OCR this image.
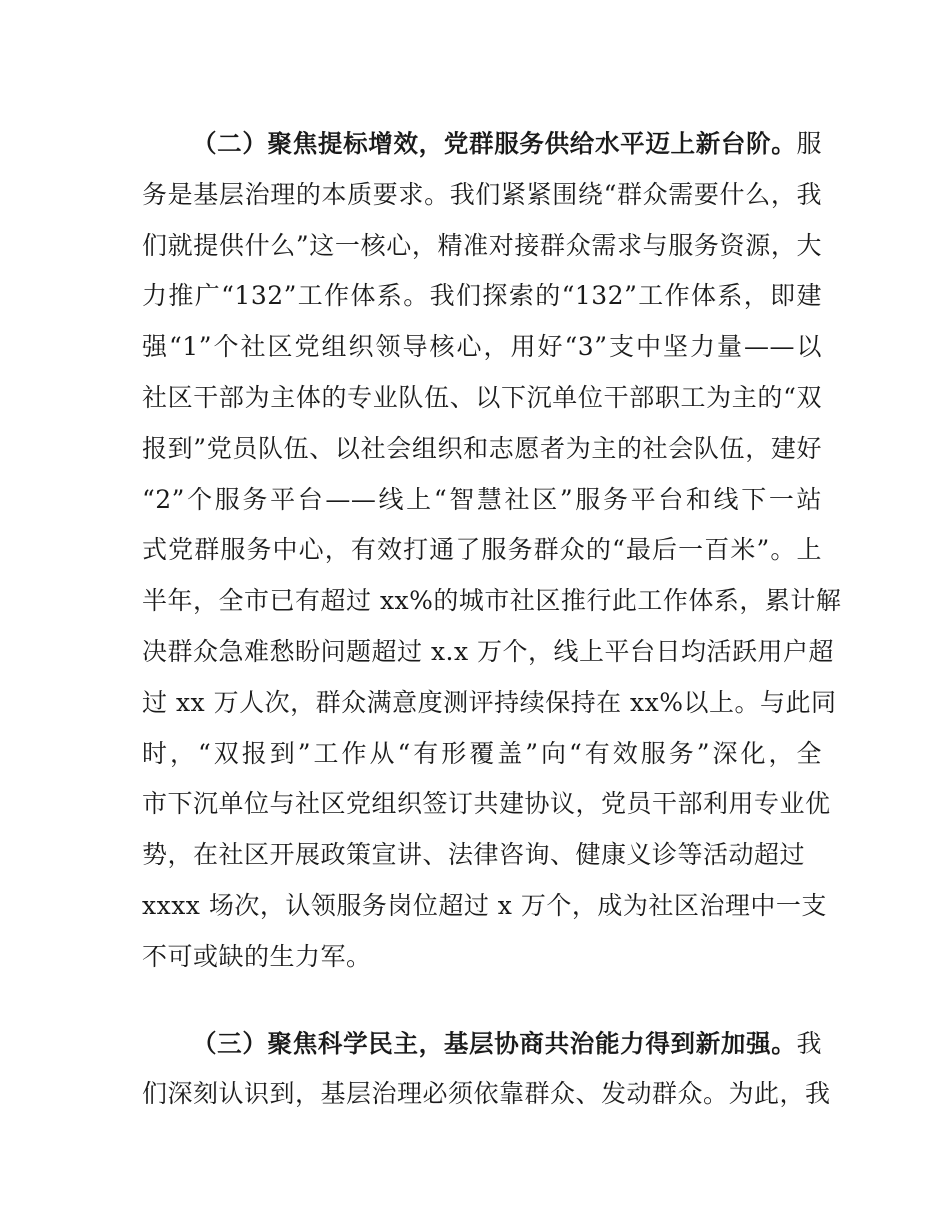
（二）聚焦提标增效，党群服务供给水平迈上新台阶。服
务是基层治理的本质要求。我们紧紧围绕“群众需要什么，我
们就提供什么”这一核心，精准对接群众需求与服务资源，大
力推广“132”工作体系。我们探索的“132”工作体系，即建
强“1”个社区党组织领导核心，用好“3”支中坚力量——以
社区干部为主体的专业队伍、以下沉单位干部职工为主的“双
报到”党员队伍、以社会组织和志愿者为主的社会队伍，建好
“2”个服务平台——线上“智慧社区”服务平台和线下一站
式党群服务中心，有效打通了服务群众的“最后一百米”。上
半年，全市已有超过 xx%的城市社区推行此工作体系，累计解
决群众急难愁盼问题超过 x.x 万个，线上平台日均活跃用户超
过 xx 万人次，群众满意度测评持续保持在 xx%以上。与此同
时，“双报到”工作从“有形覆盖”向“有效服务”深化，全
市下沉单位与社区党组织签订共建协议，党员干部利用专业优
势，在社区开展政策宣讲、法律咨询、健康义诊等活动超过
xxxx 场次，认领服务岗位超过 x 万个，成为社区治理中一支
不可或缺的生力军。
（三）聚焦科学民主，基层协商共治能力得到新加强。我
们深刻认识到，基层治理必须依靠群众、发动群众。为此，我
